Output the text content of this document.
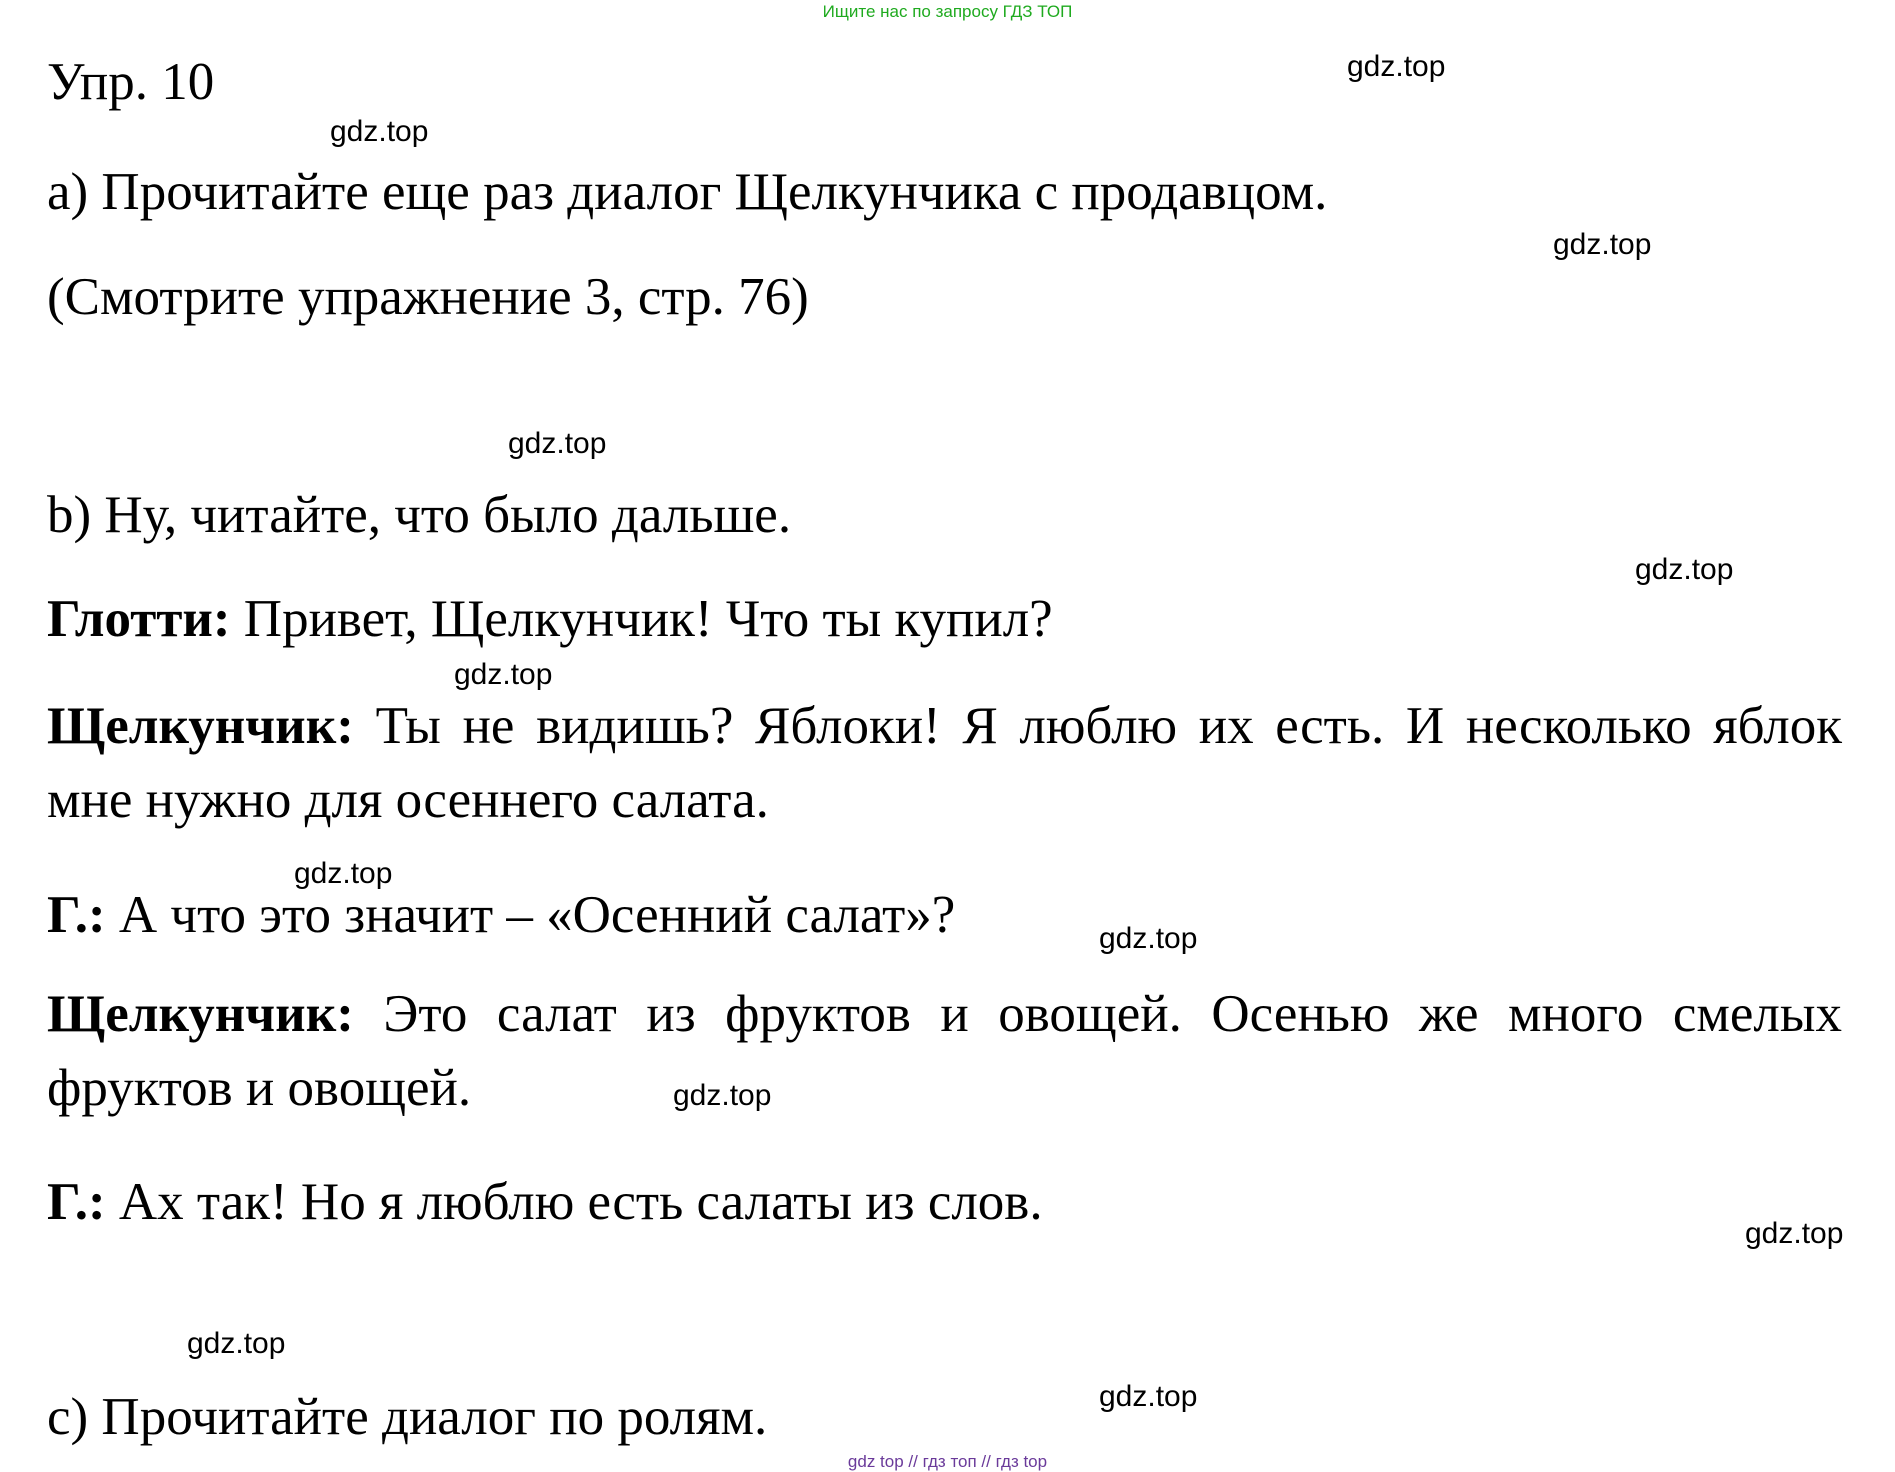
Ищите нас по запросу ГДЗ ТОП
Упр. 10
a) Прочитайте еще раз диалог Щелкунчика с продавцом.
(Смотрите упражнение 3, стр. 76)
b) Ну, читайте, что было дальше.
Глотти: Привет, Щелкунчик! Что ты купил?
Щелкунчик: Ты не видишь? Яблоки! Я люблю их есть. И несколько яблок мне нужно для осеннего салата.
Г.: А что это значит – «Осенний салат»?
Щелкунчик: Это салат из фруктов и овощей. Осенью же много смелых фруктов и овощей.
Г.: Ах так! Но я люблю есть салаты из слов.
c) Прочитайте диалог по ролям.
gdz.top
gdz.top
gdz.top
gdz.top
gdz.top
gdz.top
gdz.top
gdz.top
gdz.top
gdz.top
gdz.top
gdz.top
gdz top // гдз топ // гдз top
